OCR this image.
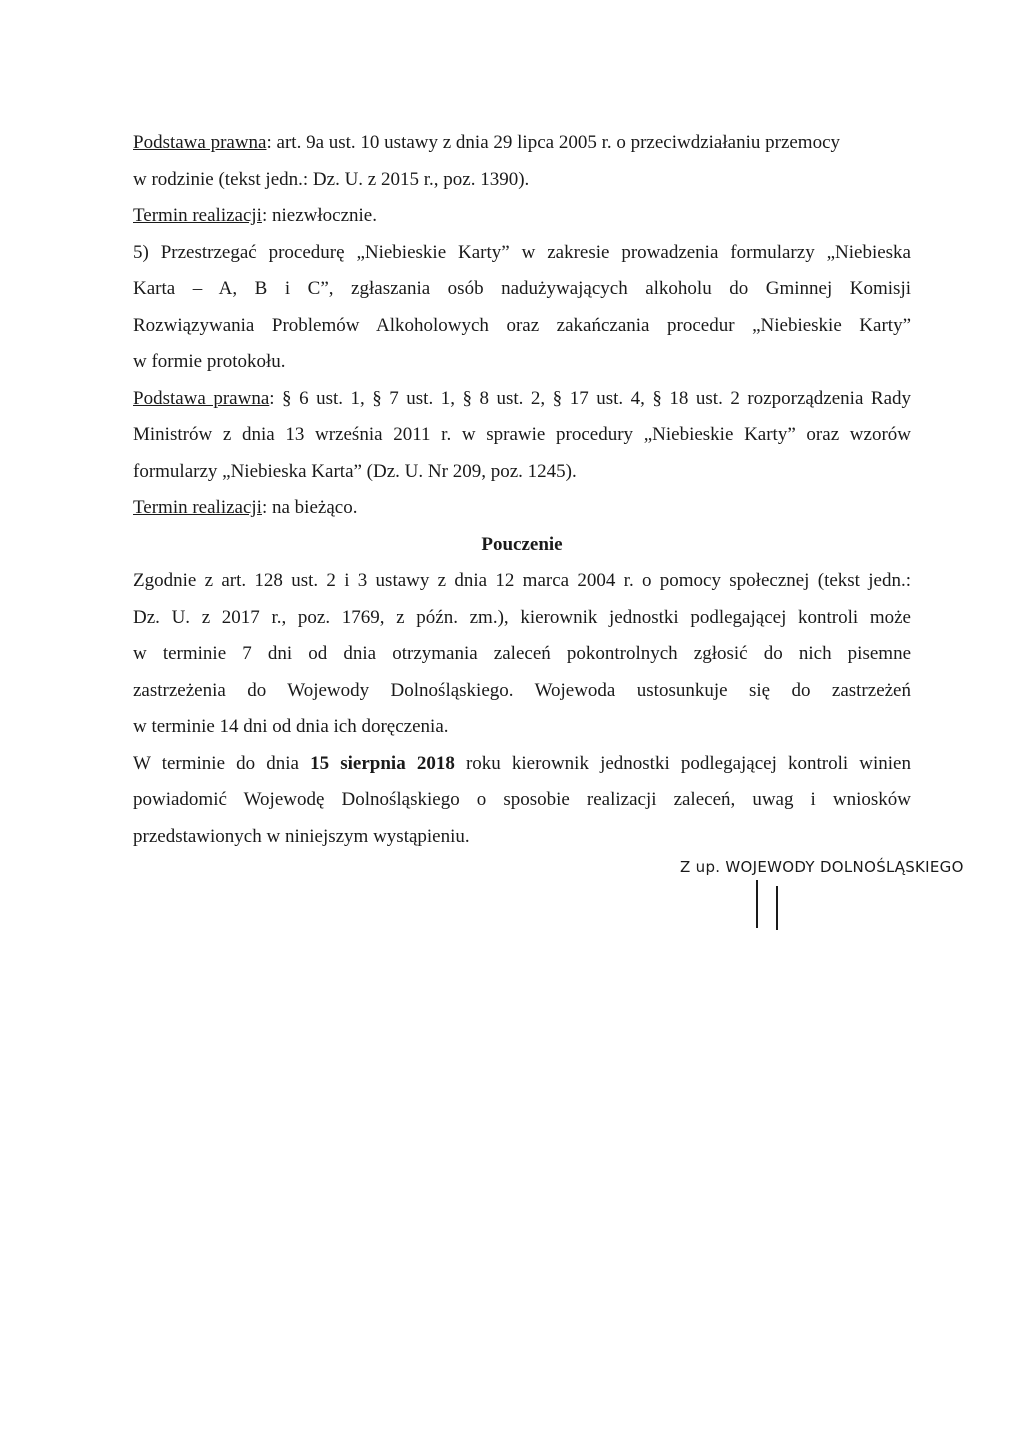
Podstawa prawna: art. 9a ust. 10 ustawy z dnia 29 lipca 2005 r. o przeciwdziałaniu przemocy
w rodzinie (tekst jedn.: Dz. U. z 2015 r., poz. 1390).
Termin realizacji: niezwłocznie.
5) Przestrzegać procedurę „Niebieskie Karty” w zakresie prowadzenia formularzy „Niebieska
Karta – A, B i C”, zgłaszania osób nadużywających alkoholu do Gminnej Komisji
Rozwiązywania Problemów Alkoholowych oraz zakańczania procedur „Niebieskie Karty”
w formie protokołu.
Podstawa prawna: § 6 ust. 1, § 7 ust. 1, § 8 ust. 2, § 17 ust. 4, § 18 ust. 2 rozporządzenia Rady
Ministrów z dnia 13 września 2011 r. w sprawie procedury „Niebieskie Karty” oraz wzorów
formularzy „Niebieska Karta” (Dz. U. Nr 209, poz. 1245).
Termin realizacji: na bieżąco.
Pouczenie
Zgodnie z art. 128 ust. 2 i 3 ustawy z dnia 12 marca 2004 r. o pomocy społecznej (tekst jedn.:
Dz. U. z 2017 r., poz. 1769, z późn. zm.), kierownik jednostki podlegającej kontroli może
w terminie 7 dni od dnia otrzymania zaleceń pokontrolnych zgłosić do nich pisemne
zastrzeżenia do Wojewody Dolnośląskiego. Wojewoda ustosunkuje się do zastrzeżeń
w terminie 14 dni od dnia ich doręczenia.
W terminie do dnia 15 sierpnia 2018 roku kierownik jednostki podlegającej kontroli winien
powiadomić Wojewodę Dolnośląskiego o sposobie realizacji zaleceń, uwag i wniosków
przedstawionych w niniejszym wystąpieniu.
Z up. WOJEWODY DOLNOŚLĄSKIEGO
